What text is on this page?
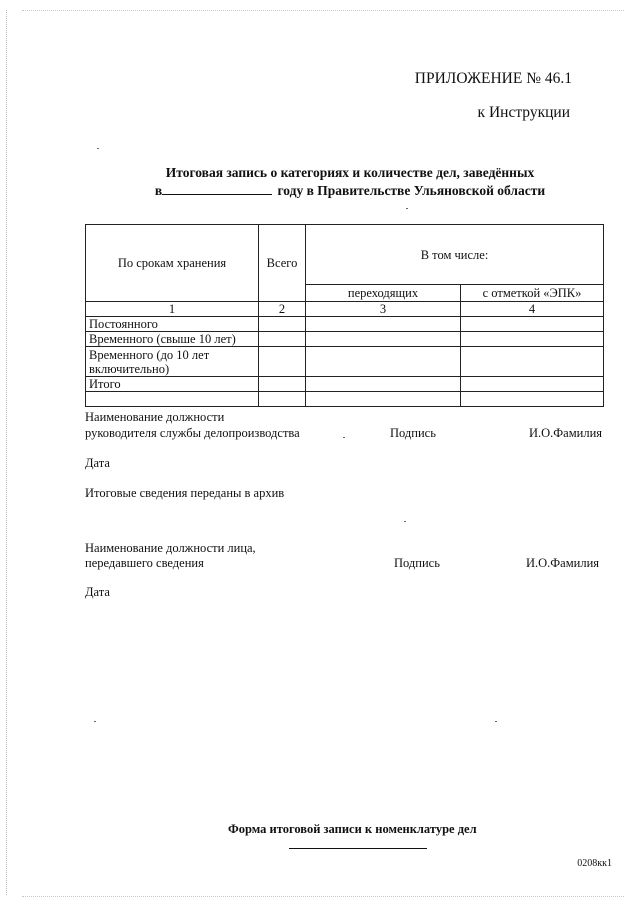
ПРИЛОЖЕНИЕ № 46.1
к Инструкции
Итоговая запись о категориях и количестве дел, заведённых
в	году в Правительстве Ульяновской области
По срокам хранения	Всего	В том числе:	
		переходящих	с отметкой «ЭПК»
1	2	3	4
Постоянного			
Временного (свыше 10 лет)			
Временного (до 10 лет включительно)			
Итого			

Наименование должности
руководителя службы делопроизводства	Подпись	И.О.Фамилия
Дата
Итоговые сведения переданы в архив
Наименование должности лица,
передавшего сведения	Подпись	И.О.Фамилия
Дата
Форма итоговой записи к номенклатуре дел
0208кк1
